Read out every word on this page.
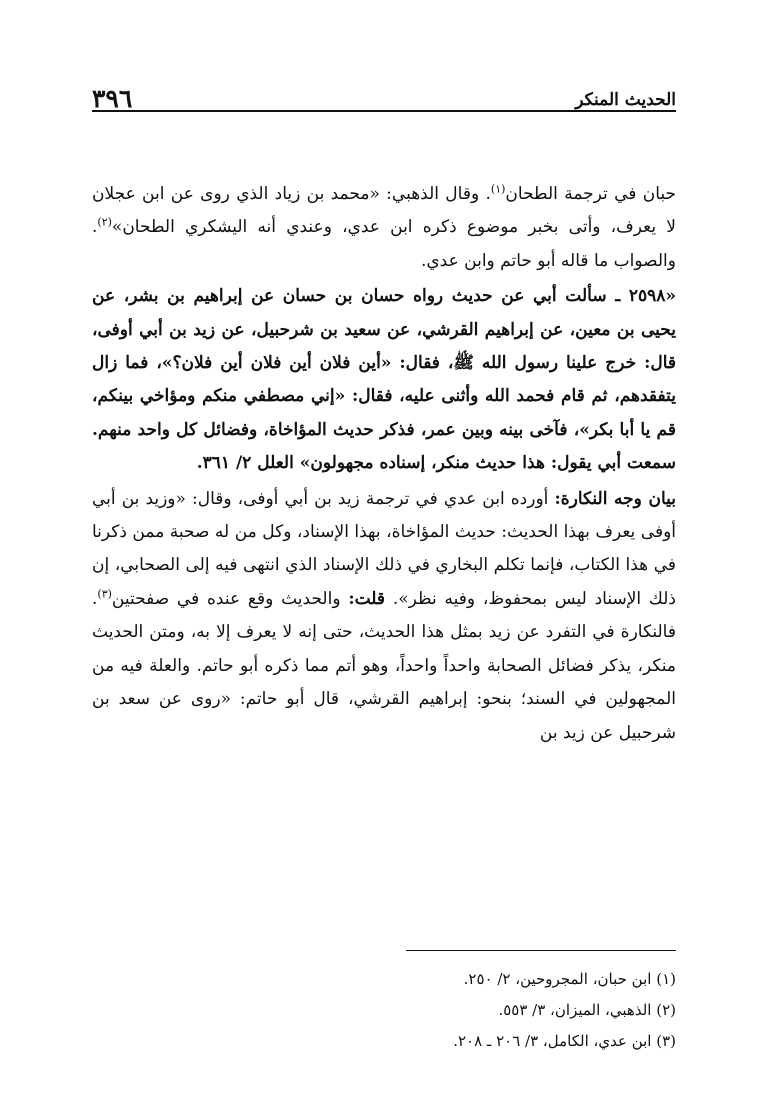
٣٩٦	الحديث المنكر

حبان في ترجمة الطحان$^{(١)}$. وقال الذهبي: «محمد بن زياد الذي روى عن ابن عجلان لا يعرف، وأتى بخبر موضوع ذكره ابن عدي، وعندي أنه اليشكري الطحان»$^{(٢)}$. والصواب ما قاله أبو حاتم وابن عدي.

«٢٥٩٨ ـ سألت أبي عن حديث رواه حسان بن حسان عن إبراهيم بن بشر، عن يحيى بن معين، عن إبراهيم القرشي، عن سعيد بن شرحبيل، عن زيد بن أبي أوفى، قال: خرج علينا رسول الله ﷺ، فقال: «أين فلان أين فلان أين فلان؟»، فما زال يتفقدهم، ثم قام فحمد الله وأثنى عليه، فقال: «إني مصطفي منكم ومؤاخي بينكم، قم يا أبا بكر»، فآخى بينه وبين عمر، فذكر حديث المؤاخاة، وفضائل كل واحد منهم. سمعت أبي يقول: هذا حديث منكر، إسناده مجهولون» العلل ٢/ ٣٦١.

بيان وجه النكارة: أورده ابن عدي في ترجمة زيد بن أبي أوفى، وقال: «وزيد بن أبي أوفى يعرف بهذا الحديث: حديث المؤاخاة، بهذا الإسناد، وكل من له صحبة ممن ذكرنا في هذا الكتاب، فإنما تكلم البخاري في ذلك الإسناد الذي انتهى فيه إلى الصحابي، إن ذلك الإسناد ليس بمحفوظ، وفيه نظر». قلت: والحديث وقع عنده في صفحتين$^{(٣)}$. فالنكارة في التفرد عن زيد بمثل هذا الحديث، حتى إنه لا يعرف إلا به، ومتن الحديث منكر، يذكر فضائل الصحابة واحداً واحداً، وهو أتم مما ذكره أبو حاتم. والعلة فيه من المجهولين في السند؛ بنحو: إبراهيم القرشي، قال أبو حاتم: «روى عن سعد بن شرحبيل عن زيد بن

(١) ابن حبان، المجروحين، ٢/ ٢٥٠.

(٢) الذهبي، الميزان، ٣/ ٥٥٣.

(٣) ابن عدي، الكامل، ٣/ ٢٠٦ ـ ٢٠٨.
